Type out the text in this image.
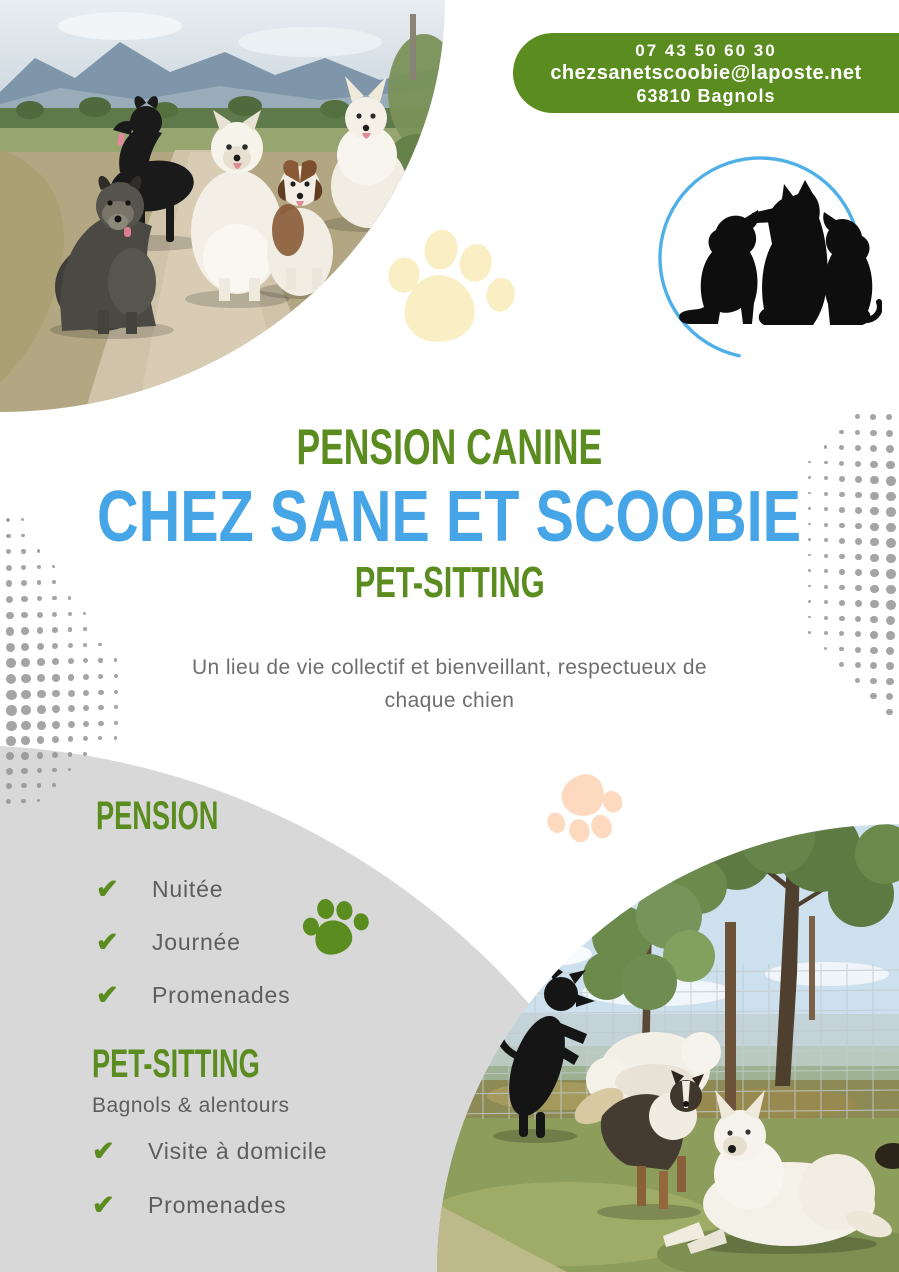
07 43 50 60 30
chezsanetscoobie@laposte.net
63810 Bagnols
PENSION CANINE
CHEZ SANE ET SCOOBIE
PET-SITTING
Un lieu de vie collectif et bienveillant, respectueux de
chaque chien
PENSION
✔	Nuitée
✔	Journée
✔	Promenades
PET-SITTING
Bagnols & alentours
✔	Visite à domicile
✔	Promenades
